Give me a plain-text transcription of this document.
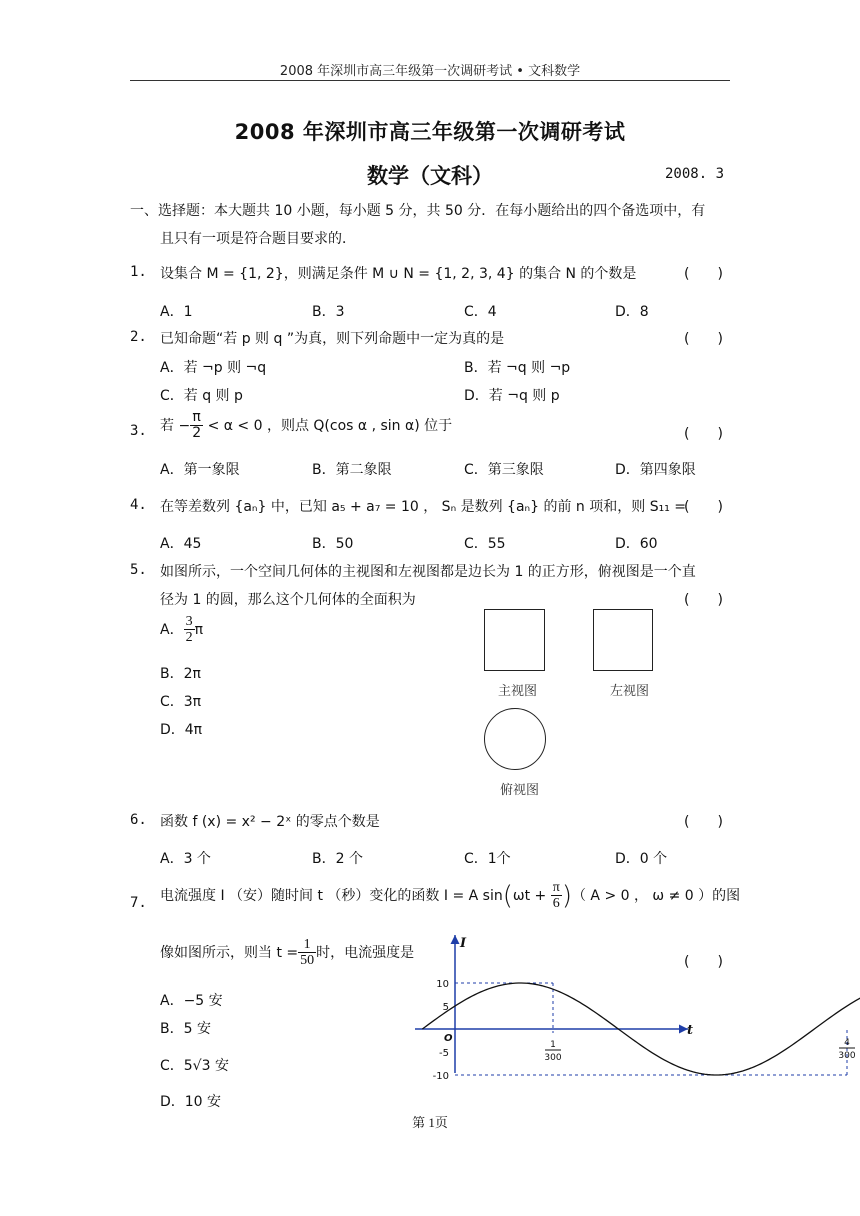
2008 年深圳市高三年级第一次调研考试 • 文科数学
2008 年深圳市高三年级第一次调研考试
数学（文科）	2008. 3
一、选择题：本大题共 10 小题，每小题 5 分，共 50 分．在每小题给出的四个备选项中，有
且只有一项是符合题目要求的．
1. 设集合 M = {1, 2}，则满足条件 M ∪ N = {1, 2, 3, 4} 的集合 N 的个数是	(　　)
A．1	B．3	C．4	D．8
2. 已知命题“若 p 则 q ”为真，则下列命题中一定为真的是	(　　)
A．若 ¬p 则 ¬q	B．若 ¬q 则 ¬p
C．若 q 则 p	D．若 ¬q 则 p
3. 若 − $\frac{\pi}{2} < \alpha < 0$ ，则点 Q(cos α , sin α) 位于
(　　)
A．第一象限	B．第二象限	C．第三象限	D．第四象限
4. 在等差数列 {aₙ} 中，已知 a₅ + a₇ = 10 ， Sₙ 是数列 {aₙ} 的前 n 项和，则 S₁₁ =
(　　)
A．45	B．50	C．55	D．60
5. 如图所示，一个空间几何体的主视图和左视图都是边长为 1 的正方形，俯视图是一个直
径为 1 的圆，那么这个几何体的全面积为	(　　)
A． $\frac{3}{2}$ π
B．2π
C．3π
D．4π
主视图	左视图
俯视图
6. 函数 f (x) = x² − 2ˣ 的零点个数是	(　　)
A．3 个	B．2 个	C．1个	D．0 个
7. 电流强度 I （安）随时间 t （秒）变化的函数 I = A $\sin(\omega t + \frac{\pi}{6}$ )（ A > 0 ， ω ≠ 0 ）的图
像如图所示，则当 $t = \frac{1}{50}$ 时，电流强度是
(　　)
A．−5 安
B．5 安
C．5√3 安
D．10 安
10
5
-5
-10
O
I
t
1
300
4
300
第 1页
